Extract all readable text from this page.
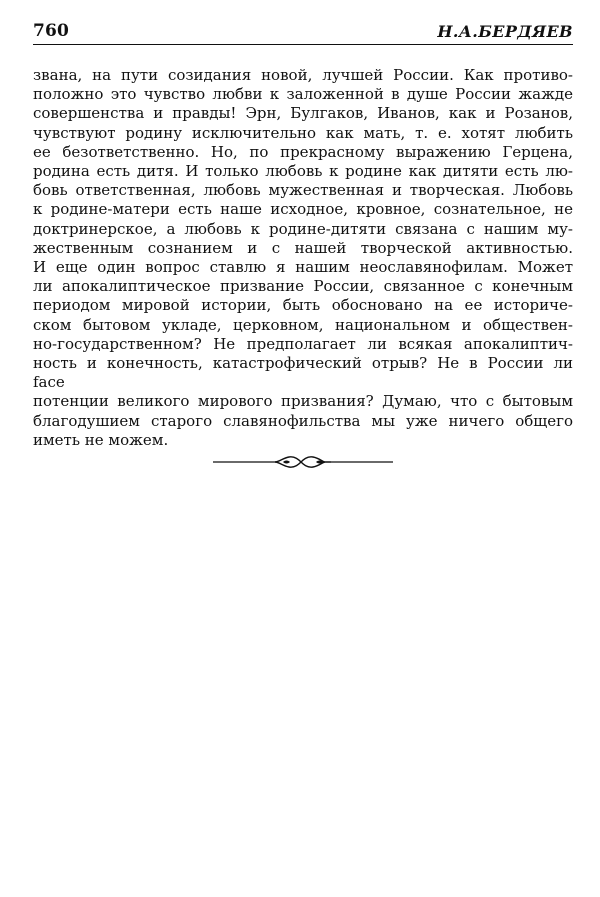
760	Н.А.БЕРДЯЕВ
звана, на пути созидания новой, лучшей России. Как противо-
положно это чувство любви к заложенной в душе России жажде
совершенства и правды! Эрн, Булгаков, Иванов, как и Розанов,
чувствуют родину исключительно как мать, т. е. хотят любить
ее безответственно. Но, по прекрасному выражению Герцена,
родина есть дитя. И только любовь к родине как дитяти есть лю-
бовь ответственная, любовь мужественная и творческая. Любовь
к родине-матери есть наше исходное, кровное, сознательное, не
доктринерское, а любовь к родине-дитяти связана с нашим му-
жественным сознанием и с нашей творческой активностью.
И еще один вопрос ставлю я нашим неославянофилам. Может
ли апокалиптическое призвание России, связанное с конечным
периодом мировой истории, быть обосновано на ее историче-
ском бытовом укладе, церковном, национальном и обществен-
но-государственном? Не предполагает ли всякая апокалиптич-
ность и конечность, катастрофический отрыв? Не в России ли
face
потенции великого мирового призвания? Думаю, что с бытовым
благодушием старого славянофильства мы уже ничего общего
иметь не можем.
